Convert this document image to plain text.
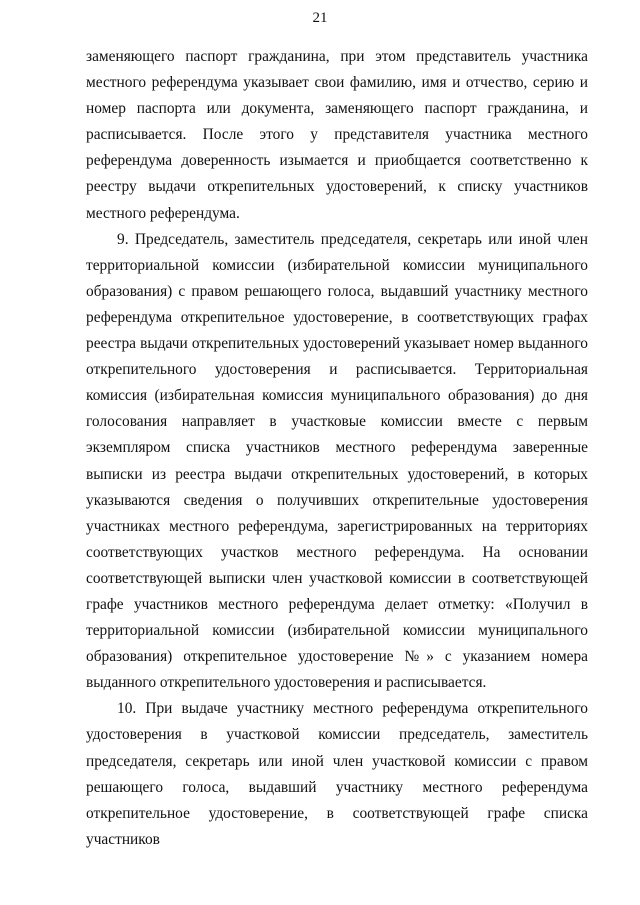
21

заменяющего паспорт гражданина, при этом представитель участника местного референдума указывает свои фамилию, имя и отчество, серию и номер паспорта или документа, заменяющего паспорт гражданина, и расписывается. После этого у представителя участника местного референдума доверенность изымается и приобщается соответственно к реестру выдачи открепительных удостоверений, к списку участников местного референдума.

9. Председатель, заместитель председателя, секретарь или иной член территориальной комиссии (избирательной комиссии муниципального образования) с правом решающего голоса, выдавший участнику местного референдума открепительное удостоверение, в соответствующих графах реестра выдачи открепительных удостоверений указывает номер выданного открепительного удостоверения и расписывается. Территориальная комиссия (избирательная комиссия муниципального образования) до дня голосования направляет в участковые комиссии вместе с первым экземпляром списка участников местного референдума заверенные выписки из реестра выдачи открепительных удостоверений, в которых указываются сведения о получивших открепительные удостоверения участниках местного референдума, зарегистрированных на территориях соответствующих участков местного референдума. На основании соответствующей выписки член участковой комиссии в соответствующей графе участников местного референдума делает отметку: «Получил в территориальной комиссии (избирательной комиссии муниципального образования) открепительное удостоверение №» с указанием номера выданного открепительного удостоверения и расписывается.

10. При выдаче участнику местного референдума открепительного удостоверения в участковой комиссии председатель, заместитель председателя, секретарь или иной член участковой комиссии с правом решающего голоса, выдавший участнику местного референдума открепительное удостоверение, в соответствующей графе списка участников
